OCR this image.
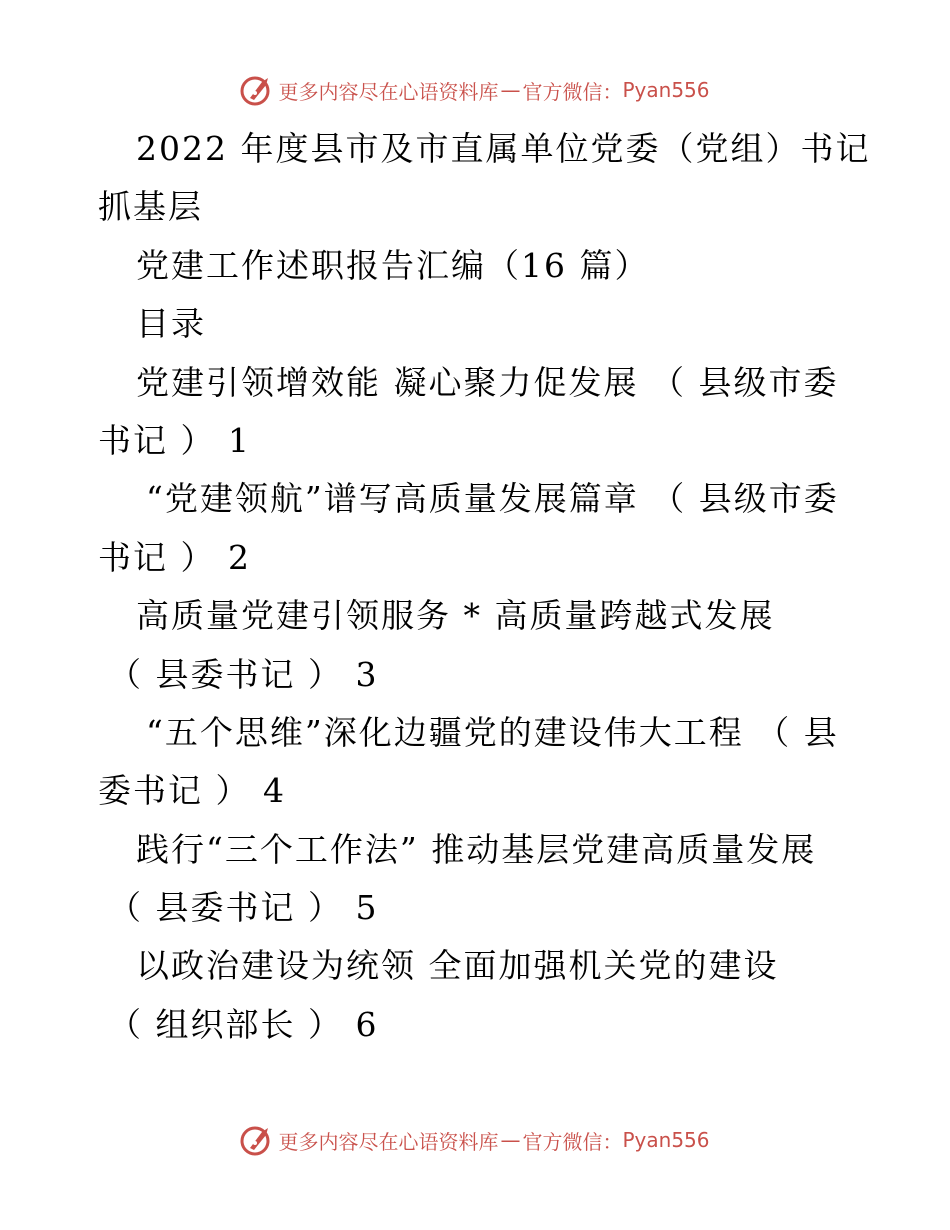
更多内容尽在心语资料库 — 官方微信： Pyan556
2022 年度县市及市直属单位党委（党组）书记
抓基层
党建工作述职报告汇编（16 篇）
目录
党建引领增效能 凝心聚力促发展 （ 县级市委
书记 ） 1
“党建领航”谱写高质量发展篇章 （ 县级市委
书记 ） 2
高质量党建引领服务 * 高质量跨越式发展
（ 县委书记 ） 3
“五个思维”深化边疆党的建设伟大工程 （ 县
委书记 ） 4
践行“三个工作法” 推动基层党建高质量发展
（ 县委书记 ） 5
以政治建设为统领 全面加强机关党的建设
（ 组织部长 ） 6
更多内容尽在心语资料库 — 官方微信： Pyan556
